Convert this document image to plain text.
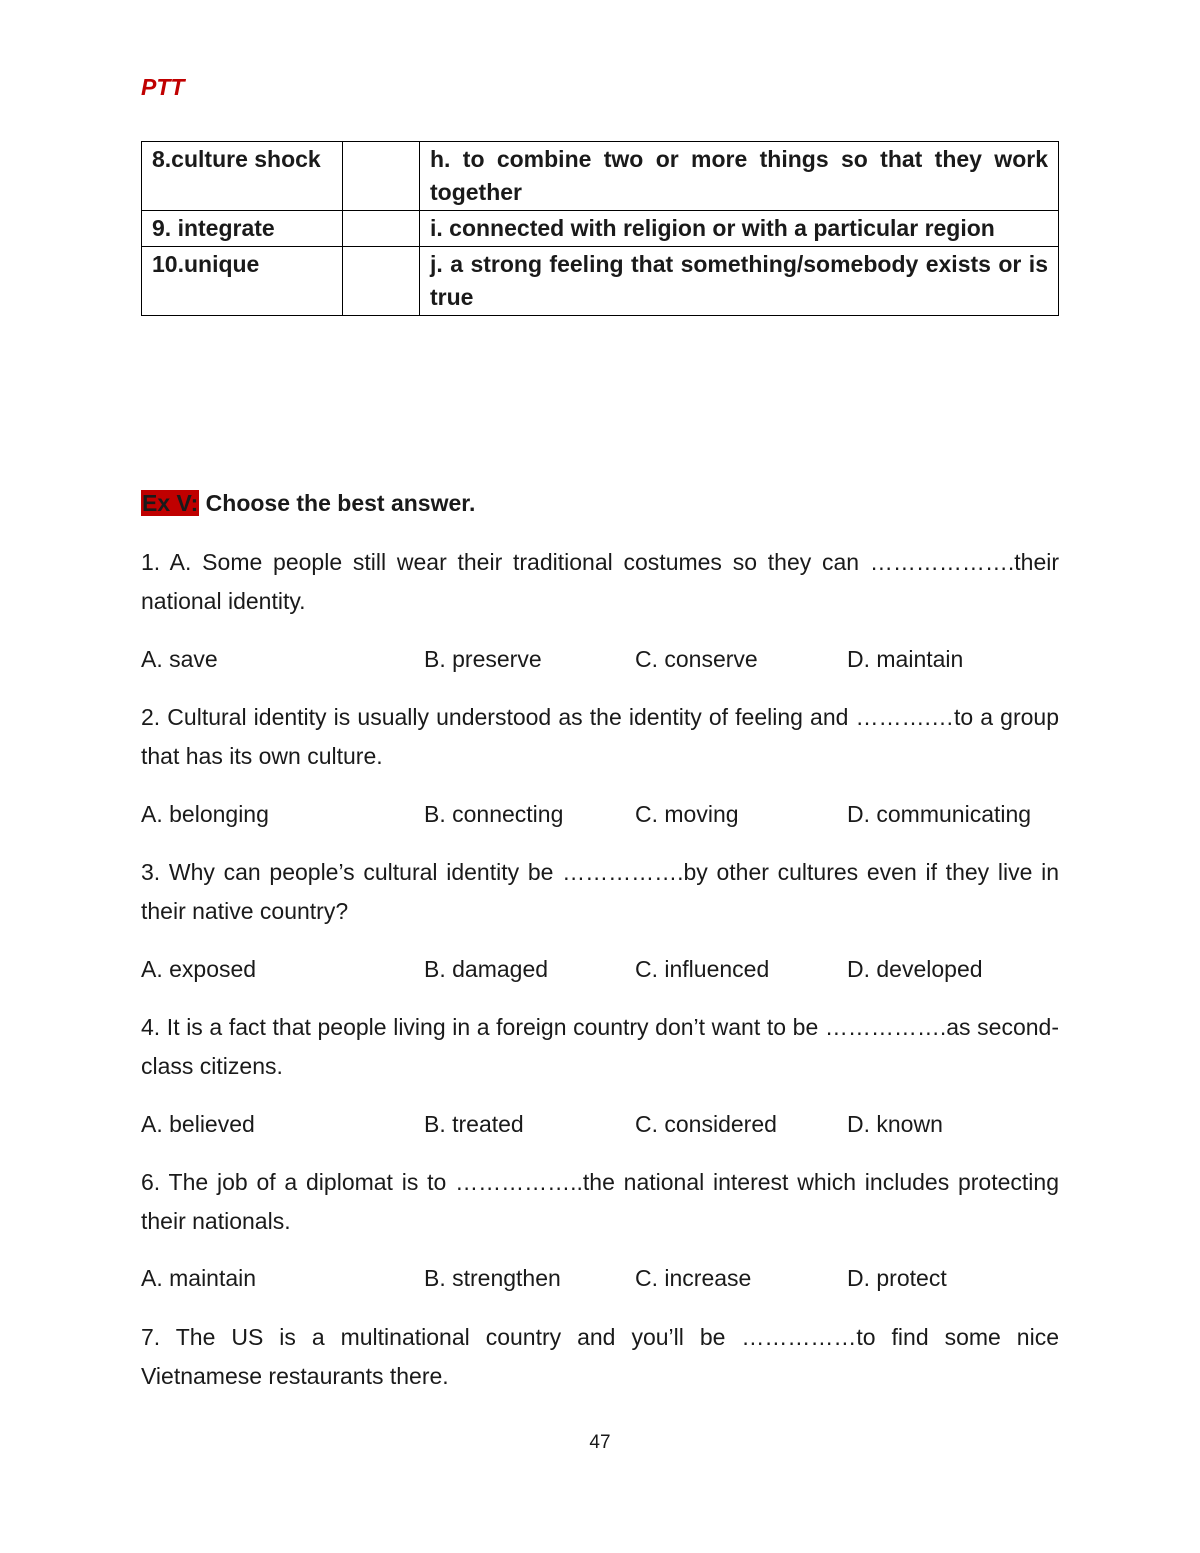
PTT
8.culture shock		h. to combine two or more things so that they work together
9. integrate		i. connected with religion or with a particular region
10.unique		j. a strong feeling that something/somebody exists or is true
Ex V: Choose the best answer.
1. A. Some people still wear their traditional costumes so they can ……………….their national identity.
A. save	B. preserve	C. conserve	D. maintain
2. Cultural identity is usually understood as the identity of feeling and ……….…to a group that has its own culture.
A. belonging	B. connecting	C. moving	D. communicating
3. Why can people’s cultural identity be …………….by other cultures even if they live in their native country?
A. exposed	B. damaged	C. influenced	D. developed
4. It is a fact that people living in a foreign country don’t want to be …………….as second-class citizens.
A. believed	B. treated	C. considered	D. known
6. The job of a diplomat is to ……………..the national interest which includes protecting their nationals.
A. maintain	B. strengthen	C. increase	D. protect
7. The US is a multinational country and you’ll be ……………to find some nice Vietnamese restaurants there.
47
